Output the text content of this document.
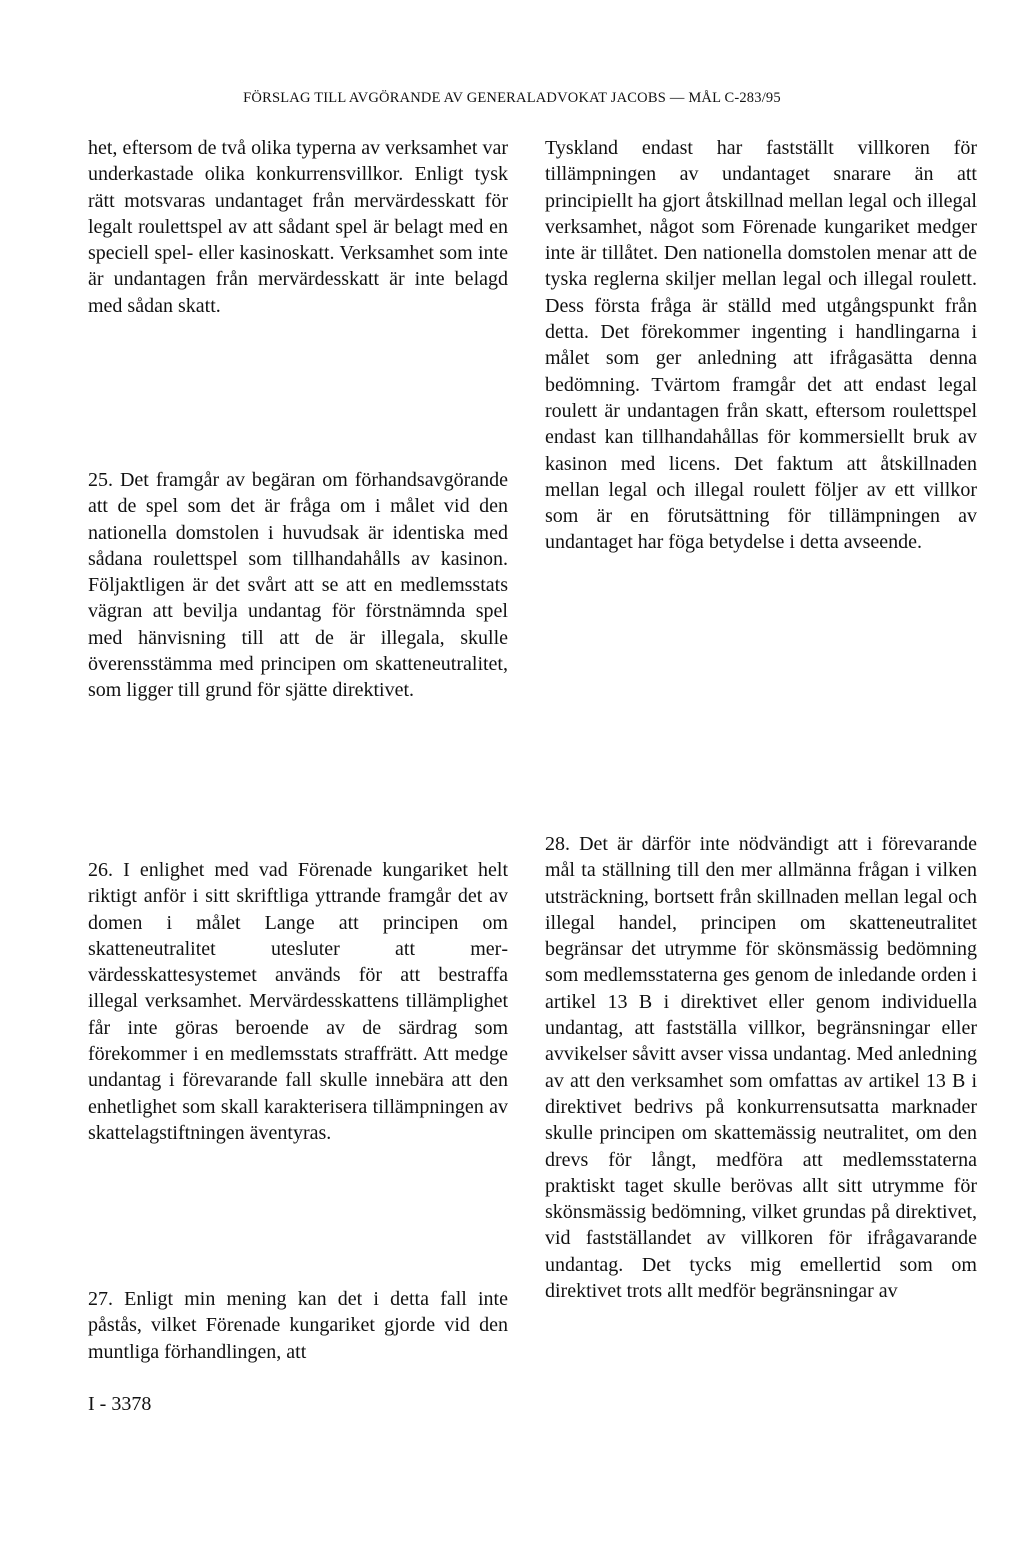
FÖRSLAG TILL AVGÖRANDE AV GENERALADVOKAT JACOBS — MÅL C-283/95

het, eftersom de två olika typerna av verksamhet var underkastade olika konkurrensvillkor. Enligt tysk rätt motsvaras undantaget från mervärdesskatt för legalt roulettspel av att sådant spel är belagt med en speciell spel- eller kasinoskatt. Verksamhet som inte är undantagen från mervärdesskatt är inte belagd med sådan skatt.

25. Det framgår av begäran om förhandsavgörande att de spel som det är fråga om i målet vid den nationella domstolen i huvudsak är identiska med sådana roulettspel som tillhandahålls av kasinon. Följaktligen är det svårt att se att en medlemsstats vägran att bevilja undantag för förstnämnda spel med hänvisning till att de är illegala, skulle överensstämma med principen om skatteneutralitet, som ligger till grund för sjätte direktivet.

26. I enlighet med vad Förenade kungariket helt riktigt anför i sitt skriftliga yttrande framgår det av domen i målet Lange att principen om skatteneutralitet utesluter att mervärdesskattesystemet används för att bestraffa illegal verksamhet. Mervärdesskattens tillämplighet får inte göras beroende av de särdrag som förekommer i en medlemsstats straffrätt. Att medge undantag i förevarande fall skulle innebära att den enhetlighet som skall karakterisera tillämpningen av skattelagstiftningen äventyras.

27. Enligt min mening kan det i detta fall inte påstås, vilket Förenade kungariket gjorde vid den muntliga förhandlingen, att

Tyskland endast har fastställt villkoren för tillämpningen av undantaget snarare än att principiellt ha gjort åtskillnad mellan legal och illegal verksamhet, något som Förenade kungariket medger inte är tillåtet. Den nationella domstolen menar att de tyska reglerna skiljer mellan legal och illegal roulett. Dess första fråga är ställd med utgångspunkt från detta. Det förekommer ingenting i handlingarna i målet som ger anledning att ifrågasätta denna bedömning. Tvärtom framgår det att endast legal roulett är undantagen från skatt, eftersom roulettspel endast kan tillhandahållas för kommersiellt bruk av kasinon med licens. Det faktum att åtskillnaden mellan legal och illegal roulett följer av ett villkor som är en förutsättning för tillämpningen av undantaget har föga betydelse i detta avseende.

28. Det är därför inte nödvändigt att i förevarande mål ta ställning till den mer allmänna frågan i vilken utsträckning, bortsett från skillnaden mellan legal och illegal handel, principen om skatteneutralitet begränsar det utrymme för skönsmässig bedömning som medlemsstaterna ges genom de inledande orden i artikel 13 B i direktivet eller genom individuella undantag, att fastställa villkor, begränsningar eller avvikelser såvitt avser vissa undantag. Med anledning av att den verksamhet som omfattas av artikel 13 B i direktivet bedrivs på konkurrensutsatta marknader skulle principen om skattemässig neutralitet, om den drevs för långt, medföra att medlemsstaterna praktiskt taget skulle berövas allt sitt utrymme för skönsmässig bedömning, vilket grundas på direktivet, vid fastställandet av villkoren för ifrågavarande undantag. Det tycks mig emellertid som om direktivet trots allt medför begränsningar av

I - 3378
